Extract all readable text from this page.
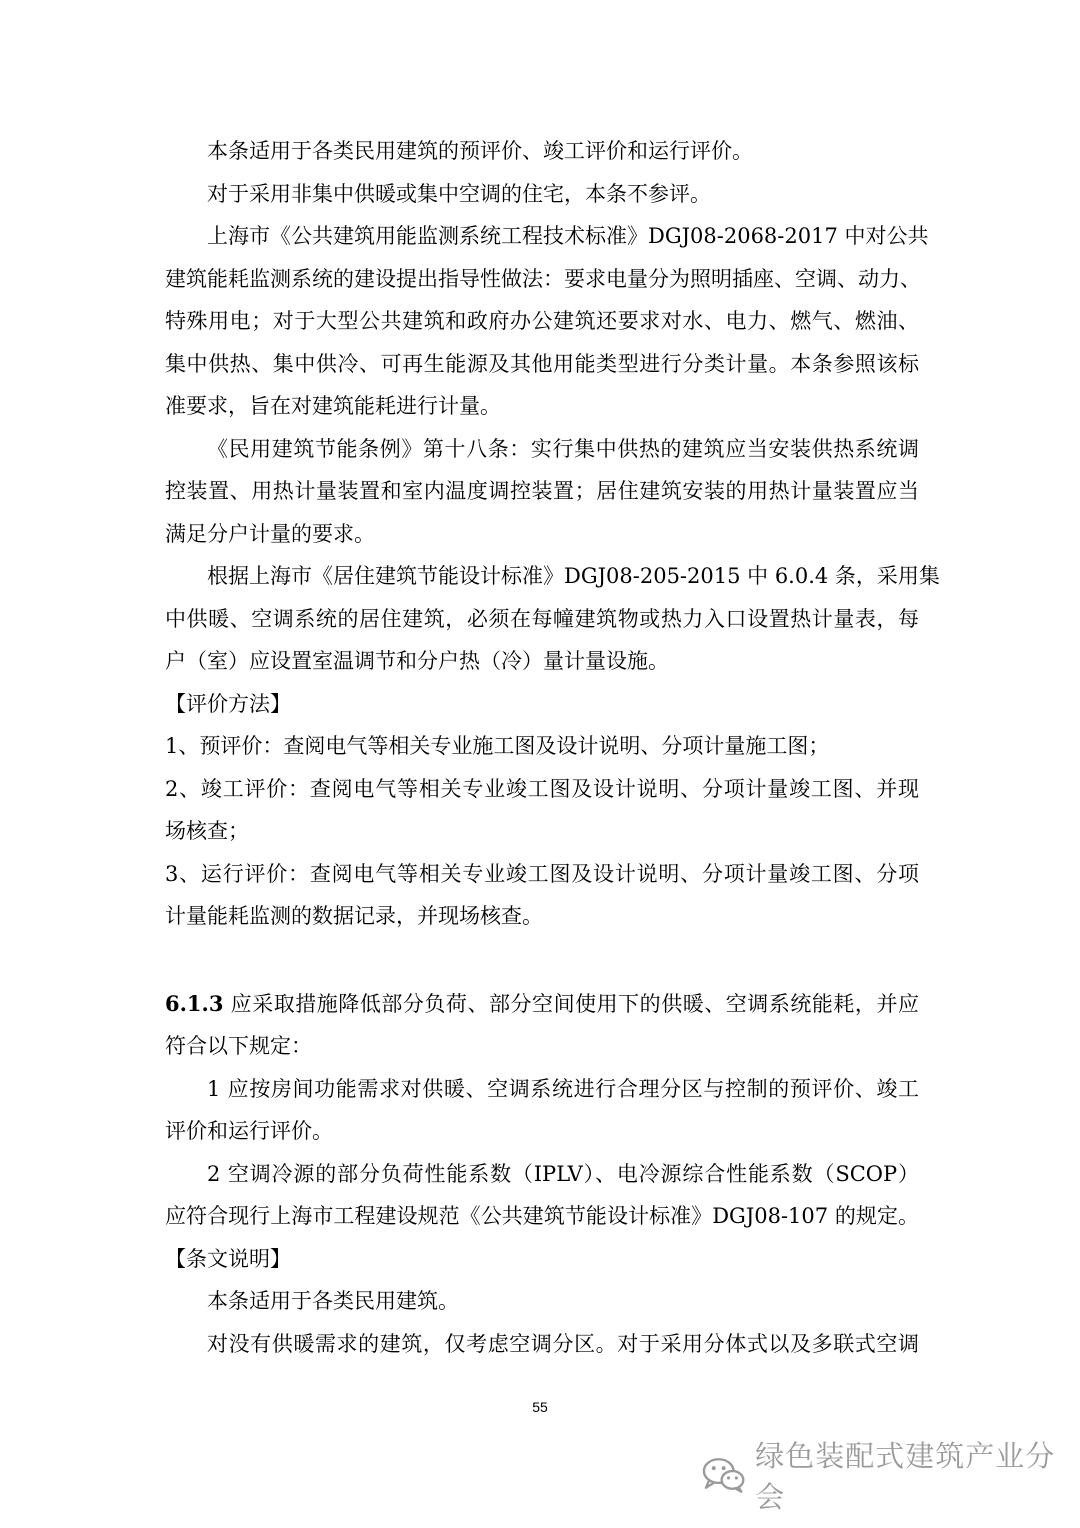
本条适用于各类民用建筑的预评价、竣工评价和运行评价。
对于采用非集中供暖或集中空调的住宅，本条不参评。
上海市《公共建筑用能监测系统工程技术标准》DGJ08-2068-2017 中对公共
建筑能耗监测系统的建设提出指导性做法：要求电量分为照明插座、空调、动力、
特殊用电；对于大型公共建筑和政府办公建筑还要求对水、电力、燃气、燃油、
集中供热、集中供冷、可再生能源及其他用能类型进行分类计量。本条参照该标
准要求，旨在对建筑能耗进行计量。
《民用建筑节能条例》第十八条：实行集中供热的建筑应当安装供热系统调
控装置、用热计量装置和室内温度调控装置；居住建筑安装的用热计量装置应当
满足分户计量的要求。
根据上海市《居住建筑节能设计标准》DGJ08-205-2015 中 6.0.4 条，采用集
中供暖、空调系统的居住建筑，必须在每幢建筑物或热力入口设置热计量表，每
户（室）应设置室温调节和分户热（冷）量计量设施。
【评价方法】
1、预评价：查阅电气等相关专业施工图及设计说明、分项计量施工图；
2、竣工评价：查阅电气等相关专业竣工图及设计说明、分项计量竣工图、并现
场核查；
3、运行评价：查阅电气等相关专业竣工图及设计说明、分项计量竣工图、分项
计量能耗监测的数据记录，并现场核查。
6.1.3 应采取措施降低部分负荷、部分空间使用下的供暖、空调系统能耗，并应
符合以下规定：
1 应按房间功能需求对供暖、空调系统进行合理分区与控制的预评价、竣工
评价和运行评价。
2 空调冷源的部分负荷性能系数（IPLV）、电冷源综合性能系数（SCOP）
应符合现行上海市工程建设规范《公共建筑节能设计标准》DGJ08-107 的规定。
【条文说明】
本条适用于各类民用建筑。
对没有供暖需求的建筑，仅考虑空调分区。对于采用分体式以及多联式空调
55
绿色装配式建筑产业分会
